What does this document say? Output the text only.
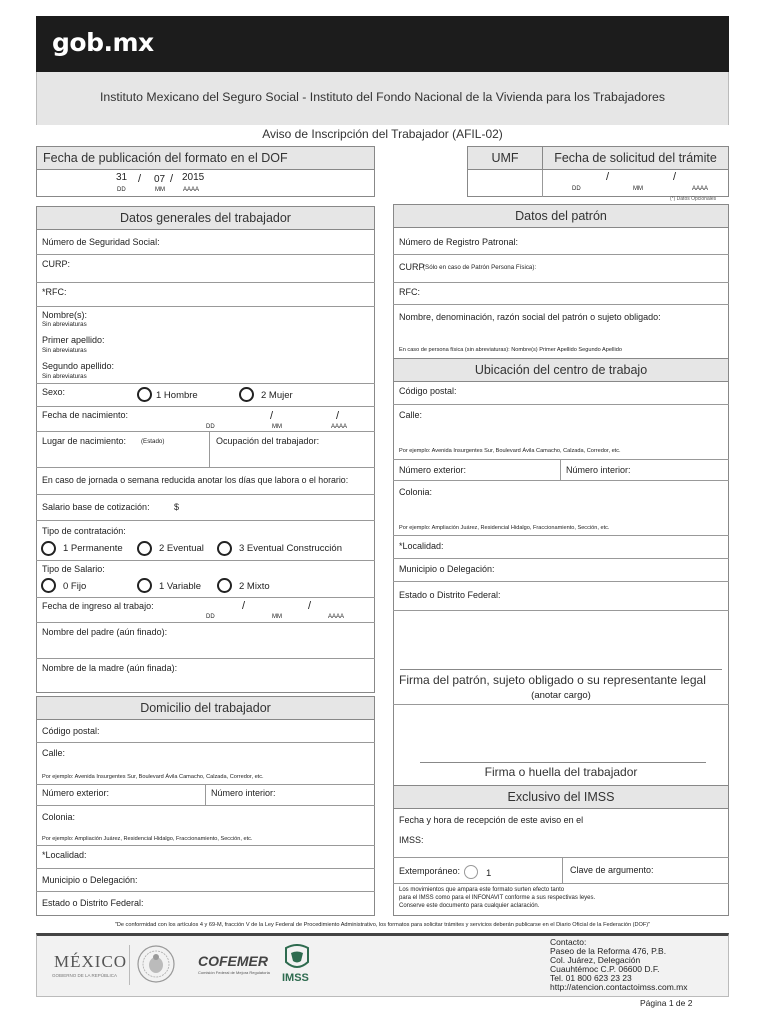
gob.mx
Instituto Mexicano del Seguro Social - Instituto del Fondo Nacional de la Vivienda para los Trabajadores
Aviso de Inscripción del Trabajador (AFIL-02)
Fecha de publicación del formato en el DOF
31 / 07 / 2015
DD	MM	AAAA
UMF	Fecha de solicitud del trámite
/	/
DD	MM	AAAA
(*) Datos Opcionales
Datos generales del trabajador
Número de Seguridad Social:
CURP:
*RFC:
Nombre(s):
Sin abreviaturas
Primer apellido:
Sin abreviaturas
Segundo apellido:
Sin abreviaturas
Sexo:	1 Hombre	2 Mujer
Fecha de nacimiento:	/	/
DD	MM	AAAA
Lugar de nacimiento: (Estado)	Ocupación del trabajador:
En caso de jornada o semana reducida anotar los días que labora o el horario:
Salario base de cotización:	$
Tipo de contratación:
1 Permanente	2 Eventual	3 Eventual Construcción
Tipo de Salario:
0 Fijo	1 Variable	2 Mixto
Fecha de ingreso al trabajo:	/	/
DD	MM	AAAA
Nombre del padre (aún finado):
Nombre de la madre (aún finada):
Domicilio del trabajador
Código postal:
Calle:
Por ejemplo: Avenida Insurgentes Sur, Boulevard Ávila Camacho, Calzada, Corredor, etc.
Número exterior:	Número interior:
Colonia:
Por ejemplo: Ampliación Juárez, Residencial Hidalgo, Fraccionamiento, Sección, etc.
*Localidad:
Municipio o Delegación:
Estado o Distrito Federal:
Datos del patrón
Número de Registro Patronal:
CURP
(Sólo en caso de Patrón Persona Física):
RFC:
Nombre, denominación, razón social del patrón o sujeto obligado:
En caso de persona física (sin abreviaturas): Nombre(s) Primer Apellido Segundo Apellido
Ubicación del centro de trabajo
Código postal:
Calle:
Por ejemplo: Avenida Insurgentes Sur, Boulevard Ávila Camacho, Calzada, Corredor, etc.
Número exterior:	Número interior:
Colonia:
Por ejemplo: Ampliación Juárez, Residencial Hidalgo, Fraccionamiento, Sección, etc.
*Localidad:
Municipio o Delegación:
Estado o Distrito Federal:
Firma del patrón, sujeto obligado o su representante legal
(anotar cargo)
Firma o huella del trabajador
Exclusivo del IMSS
Fecha y hora de recepción de este aviso en el
IMSS:
Extemporáneo:	1	Clave de argumento:
Los movimientos que ampara este formato surten efecto tanto
para el IMSS como para el INFONAVIT conforme a sus respectivas leyes.
Conserve este documento para cualquier aclaración.
"De conformidad con los artículos 4 y 69-M, fracción V de la Ley Federal de Procedimiento Administrativo, los formatos para solicitar trámites y servicios deberán publicarse en el Diario Oficial de la Federación (DOF)"
MÉXICO
GOBIERNO DE LA REPÚBLICA
COFEMER
Comisión Federal de Mejora Regulatoria IMSS
Contacto:
Paseo de la Reforma 476, P.B.
Col. Juárez, Delegación
Cuauhtémoc C.P. 06600 D.F.
Tel. 01 800 623 23 23
http://atencion.contactoimss.com.mx
Página 1 de 2
